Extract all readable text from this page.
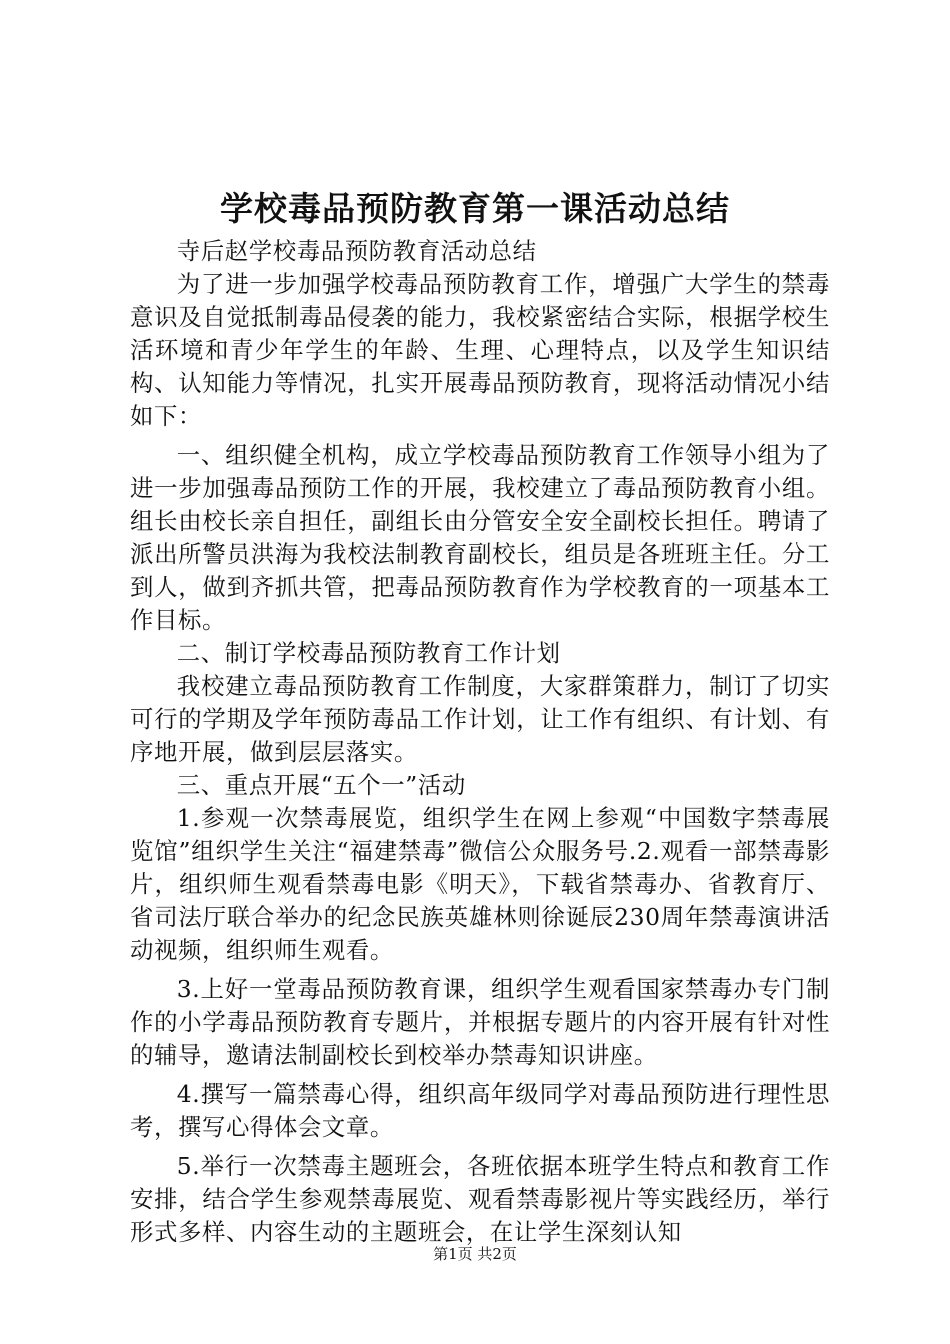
学校毒品预防教育第一课活动总结

寺后赵学校毒品预防教育活动总结

为了进一步加强学校毒品预防教育工作，增强广大学生的禁毒意识及自觉抵制毒品侵袭的能力，我校紧密结合实际，根据学校生活环境和青少年学生的年龄、生理、心理特点，以及学生知识结构、认知能力等情况，扎实开展毒品预防教育，现将活动情况小结如下：

一、组织健全机构，成立学校毒品预防教育工作领导小组为了进一步加强毒品预防工作的开展，我校建立了毒品预防教育小组。组长由校长亲自担任，副组长由分管安全安全副校长担任。聘请了派出所警员洪海为我校法制教育副校长，组员是各班班主任。分工到人，做到齐抓共管，把毒品预防教育作为学校教育的一项基本工作目标。

二、制订学校毒品预防教育工作计划

我校建立毒品预防教育工作制度，大家群策群力，制订了切实可行的学期及学年预防毒品工作计划，让工作有组织、有计划、有序地开展，做到层层落实。

三、重点开展“五个一”活动

1.参观一次禁毒展览，组织学生在网上参观“中国数字禁毒展览馆”组织学生关注“福建禁毒”微信公众服务号.2.观看一部禁毒影片，组织师生观看禁毒电影《明天》，下载省禁毒办、省教育厅、省司法厅联合举办的纪念民族英雄林则徐诞辰230周年禁毒演讲活动视频，组织师生观看。

3.上好一堂毒品预防教育课，组织学生观看国家禁毒办专门制作的小学毒品预防教育专题片，并根据专题片的内容开展有针对性的辅导，邀请法制副校长到校举办禁毒知识讲座。

4.撰写一篇禁毒心得，组织高年级同学对毒品预防进行理性思考，撰写心得体会文章。

5.举行一次禁毒主题班会，各班依据本班学生特点和教育工作安排，结合学生参观禁毒展览、观看禁毒影视片等实践经历，举行形式多样、内容生动的主题班会，在让学生深刻认知

第1页 共2页
